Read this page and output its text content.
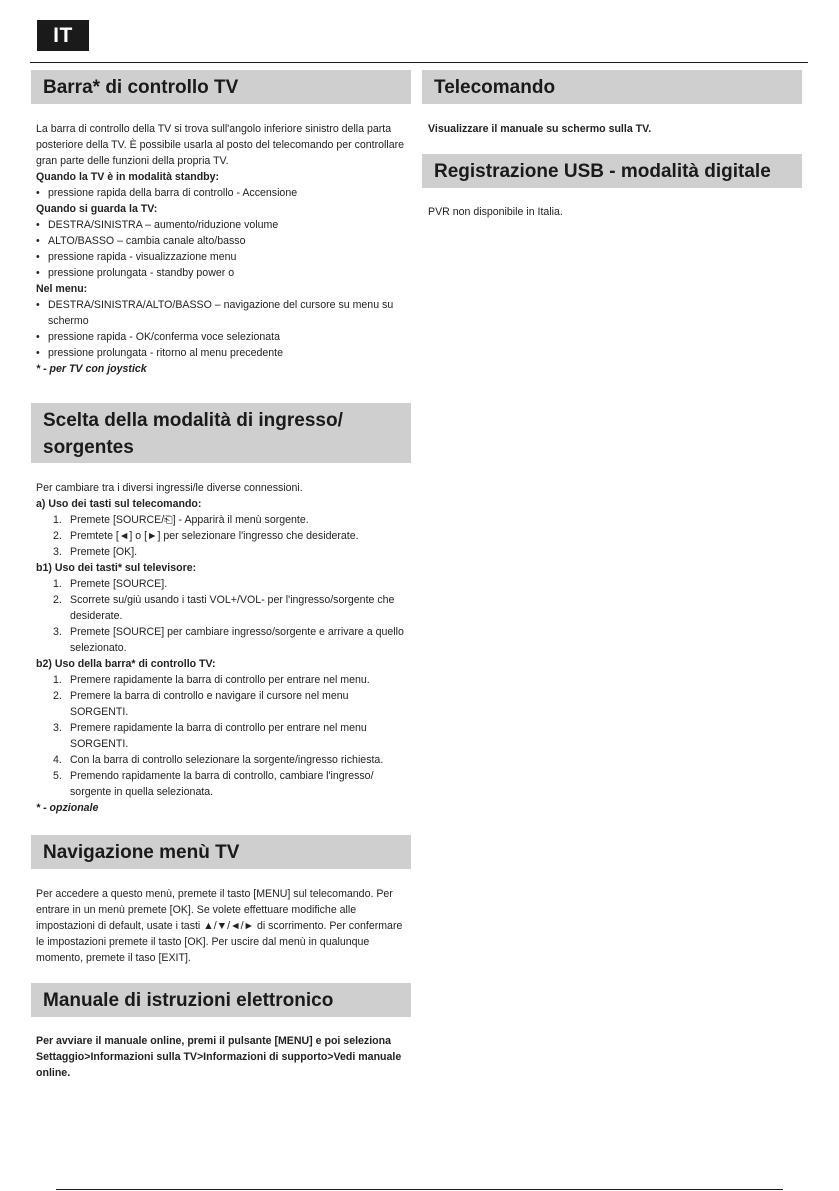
IT
Barra* di controllo TV

La barra di controllo della TV si trova sull'angolo inferiore sinistro della parta posteriore della TV. È possibile usarla al posto del telecomando per controllare gran parte delle funzioni della propria TV.

Quando la TV è in modalità standby:

• pressione rapida della barra di controllo - Accensione

Quando si guarda la TV:

• DESTRA/SINISTRA – aumento/riduzione volume
• ALTO/BASSO – cambia canale alto/basso
• pressione rapida - visualizzazione menu
• pressione prolungata - standby power o

Nel menu:

• DESTRA/SINISTRA/ALTO/BASSO – navigazione del cursore su menu su schermo
• pressione rapida - OK/conferma voce selezionata
• pressione prolungata - ritorno al menu precedente

* - per TV con joystick

Scelta della modalità di ingresso/
sorgentes

Per cambiare tra i diversi ingressi/le diverse connessioni.

a) Uso dei tasti sul telecomando:

1. Premete [SOURCE/⎗] - Apparirà il menù sorgente.
2. Premtete [◄] o [►] per selezionare l'ingresso che desiderate.
3. Premete [OK].

b1) Uso dei tasti* sul televisore:

1. Premete [SOURCE].
2. Scorrete su/giù usando i tasti VOL+/VOL- per l'ingresso/sorgente che desiderate.
3. Premete [SOURCE] per cambiare ingresso/sorgente e arrivare a quello selezionato.

b2) Uso della barra* di controllo TV:

1. Premere rapidamente la barra di controllo per entrare nel menu.
2. Premere la barra di controllo e navigare il cursore nel menu SORGENTI.
3. Premere rapidamente la barra di controllo per entrare nel menu SORGENTI.
4. Con la barra di controllo selezionare la sorgente/ingresso richiesta.
5. Premendo rapidamente la barra di controllo, cambiare l'ingresso/ sorgente in quella selezionata.

* - opzionale

Navigazione menù TV

Per accedere a questo menù, premete il tasto [MENU] sul telecomando. Per entrare in un menù premete [OK]. Se volete effettuare modifiche alle impostazioni di default, usate i tasti ▲/▼/◄/► di scorrimento. Per confermare le impostazioni premete il tasto [OK]. Per uscire dal menù in qualunque momento, premete il taso [EXIT].

Manuale di istruzioni elettronico

Per avviare il manuale online, premi il pulsante [MENU] e poi seleziona Settaggio>Informazioni sulla TV>Informazioni di supporto>Vedi manuale online.

Telecomando

Visualizzare il manuale su schermo sulla TV.

Registrazione USB - modalità digitale

PVR non disponibile in Italia.
